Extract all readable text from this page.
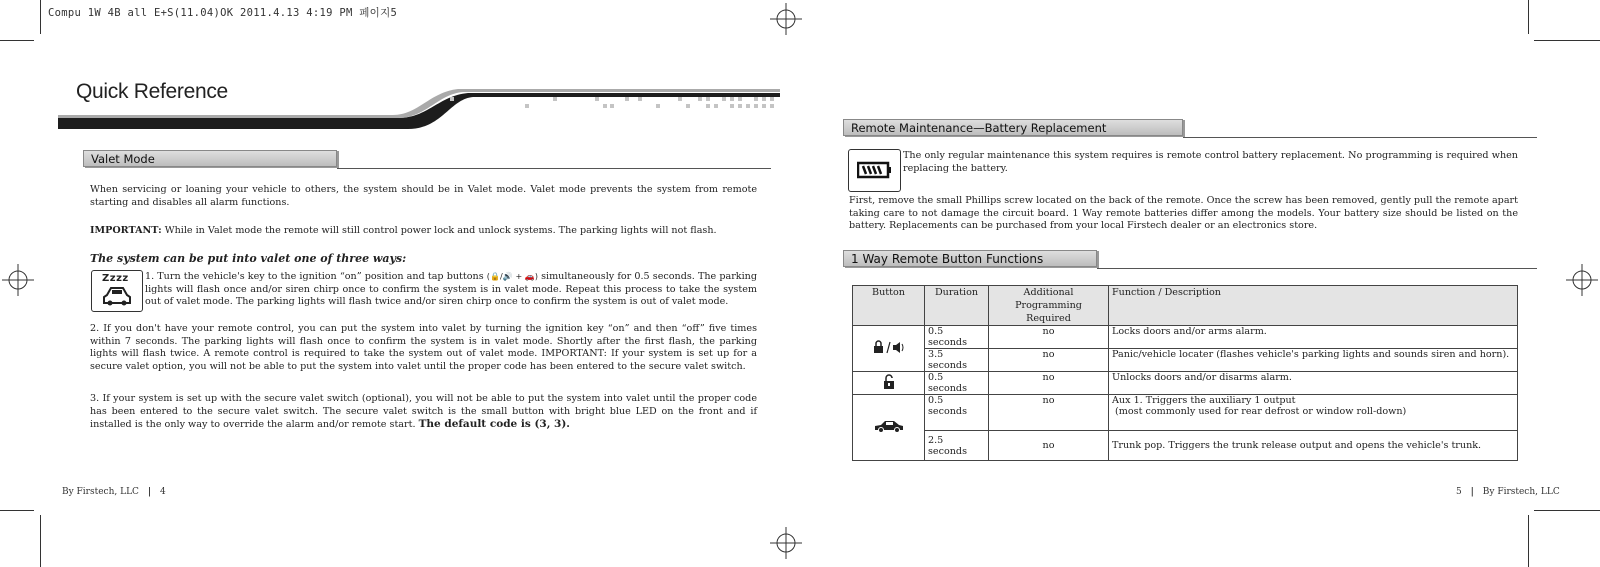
Compu 1W 4B all E+S(11.04)OK 2011.4.13 4:19 PM 페이지5
Quick Reference
Valet Mode
When servicing or loaning your vehicle to others, the system should be in Valet mode. Valet mode prevents the system from remote starting and disables all alarm functions.
IMPORTANT: While in Valet mode the remote will still control power lock and unlock systems. The parking lights will not flash.
The system can be put into valet one of three ways:
Zzzz 1. Turn the vehicle's key to the ignition “on” position and tap buttons (🔒/🔊 + 🚗) simultaneously for 0.5 seconds. The parking lights will flash once and/or siren chirp once to confirm the system is in valet mode. Repeat this process to take the system out of valet mode. The parking lights will flash twice and/or siren chirp once to confirm the system is out of valet mode.
2. If you don't have your remote control, you can put the system into valet by turning the ignition key “on” and then “off” five times within 7 seconds. The parking lights will flash once to confirm the system is in valet mode. Shortly after the first flash, the parking lights will flash twice. A remote control is required to take the system out of valet mode. IMPORTANT: If your system is set up for a secure valet option, you will not be able to put the system into valet until the proper code has been entered to the secure valet switch.
3. If your system is set up with the secure valet switch (optional), you will not be able to put the system into valet until the proper code has been entered to the secure valet switch. The secure valet switch is the small button with bright blue LED on the front and if installed is the only way to override the alarm and/or remote start. The default code is (3, 3).
By Firstech, LLC | 4
Remote Maintenance—Battery Replacement
The only regular maintenance this system requires is remote control battery replacement. No programming is required when replacing the battery.
First, remove the small Phillips screw located on the back of the remote. Once the screw has been removed, gently pull the remote apart taking care to not damage the circuit board. 1 Way remote batteries differ among the models. Your battery size should be listed on the battery. Replacements can be purchased from your local Firstech dealer or an electronics store.
1 Way Remote Button Functions
Button	Duration	Additional Programming Required	Function / Description
	0.5 seconds	no	Locks doors and/or arms alarm.
	3.5 seconds	no	Panic/vehicle locater (flashes vehicle's parking lights and sounds siren and horn).
	0.5 seconds	no	Unlocks doors and/or disarms alarm.
	0.5 seconds	no	Aux 1. Triggers the auxiliary 1 output
(most commonly used for rear defrost or window roll-down)

	2.5 seconds	no	Trunk pop. Triggers the trunk release output and opens the vehicle's trunk.
5 | By Firstech, LLC
